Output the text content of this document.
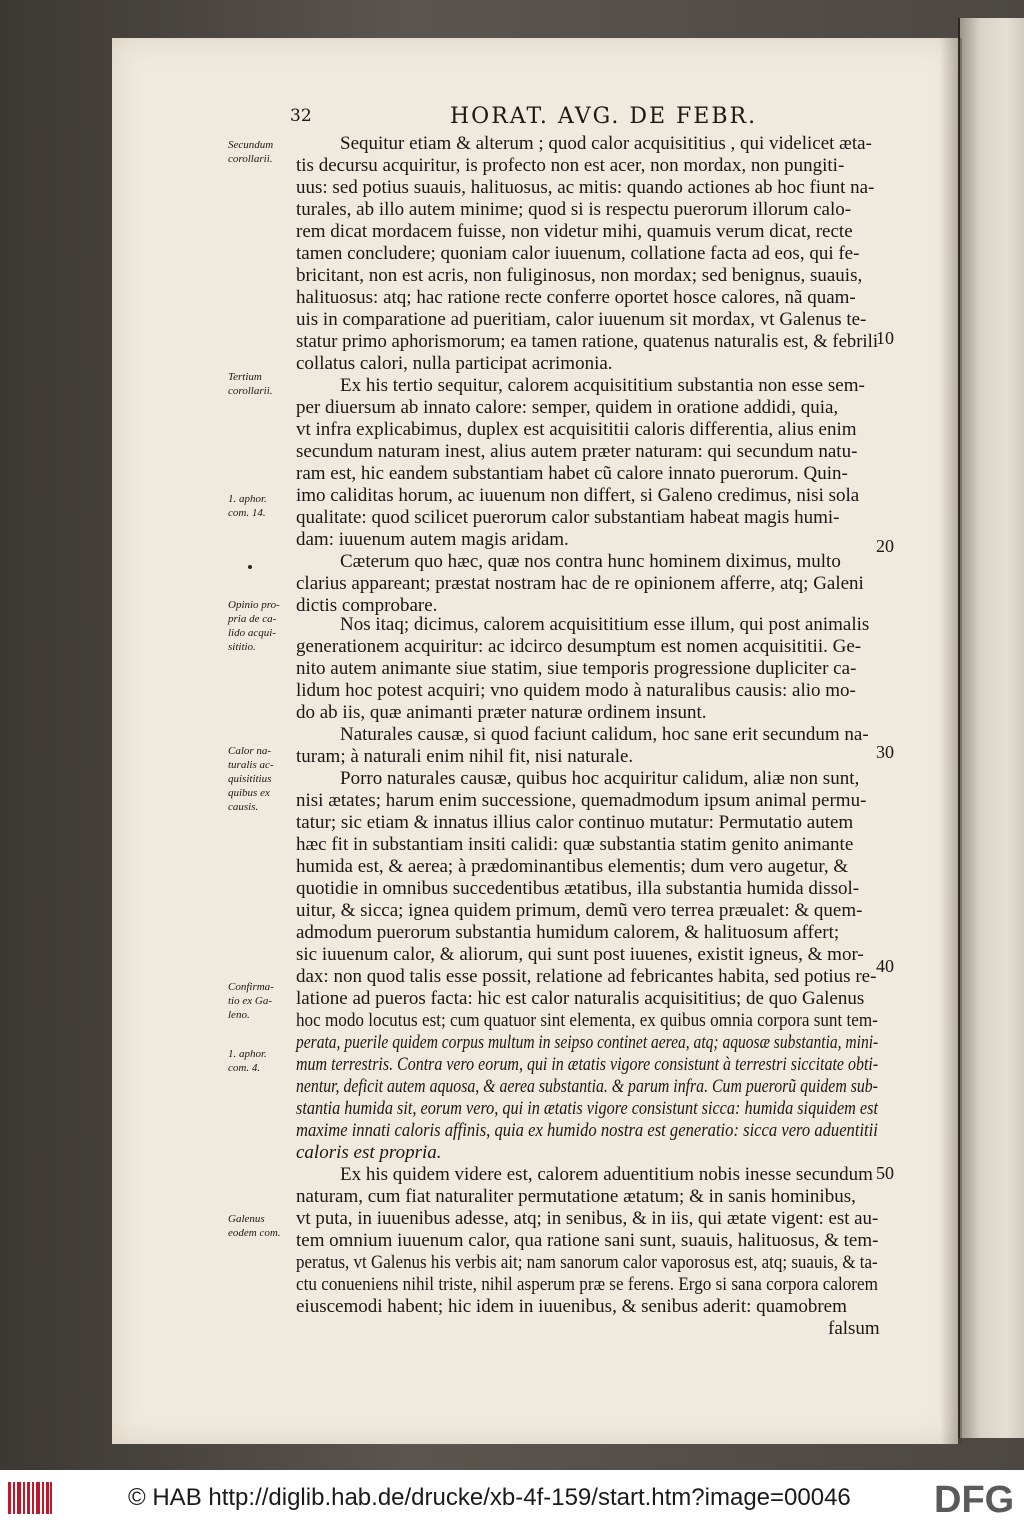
32	HORAT. AVG. DE FEBR.
Sequitur etiam & alterum ; quod calor acquisititius , qui videlicet æta-
tis decursu acquiritur, is profecto non est acer, non mordax, non pungiti-
uus: sed potius suauis, halituosus, ac mitis: quando actiones ab hoc fiunt na-
turales, ab illo autem minime; quod si is respectu puerorum illorum calo-
rem dicat mordacem fuisse, non videtur mihi, quamuis verum dicat, recte
tamen concludere; quoniam calor iuuenum, collatione facta ad eos, qui fe-
bricitant, non est acris, non fuliginosus, non mordax; sed benignus, suauis,
halituosus: atq; hac ratione recte conferre oportet hosce calores, nã quam-
uis in comparatione ad pueritiam, calor iuuenum sit mordax, vt Galenus te-
statur primo aphorismorum; ea tamen ratione, quatenus naturalis est, & febrili
collatus calori, nulla participat acrimonia.
Ex his tertio sequitur, calorem acquisititium substantia non esse sem-
per diuersum ab innato calore: semper, quidem in oratione addidi, quia,
vt infra explicabimus, duplex est acquisititii caloris differentia, alius enim
secundum naturam inest, alius autem præter naturam: qui secundum natu-
ram est, hic eandem substantiam habet cũ calore innato puerorum. Quin-
imo caliditas horum, ac iuuenum non differt, si Galeno credimus, nisi sola
qualitate: quod scilicet puerorum calor substantiam habeat magis humi-
dam: iuuenum autem magis aridam.
Cæterum quo hæc, quæ nos contra hunc hominem diximus, multo
clarius appareant; præstat nostram hac de re opinionem afferre, atq; Galeni
dictis comprobare.
Nos itaq; dicimus, calorem acquisititium esse illum, qui post animalis
generationem acquiritur: ac idcirco desumptum est nomen acquisititii. Ge-
nito autem animante siue statim, siue temporis progressione dupliciter ca-
lidum hoc potest acquiri; vno quidem modo à naturalibus causis: alio mo-
do ab iis, quæ animanti præter naturæ ordinem insunt.
Naturales causæ, si quod faciunt calidum, hoc sane erit secundum na-
turam; à naturali enim nihil fit, nisi naturale.
Porro naturales causæ, quibus hoc acquiritur calidum, aliæ non sunt,
nisi ætates; harum enim successione, quemadmodum ipsum animal permu-
tatur; sic etiam & innatus illius calor continuo mutatur: Permutatio autem
hæc fit in substantiam insiti calidi: quæ substantia statim genito animante
humida est, & aerea; à prædominantibus elementis; dum vero augetur, &
quotidie in omnibus succedentibus ætatibus, illa substantia humida dissol-
uitur, & sicca; ignea quidem primum, demũ vero terrea præualet: & quem-
admodum puerorum substantia humidum calorem, & halituosum affert;
sic iuuenum calor, & aliorum, qui sunt post iuuenes, existit igneus, & mor-
dax: non quod talis esse possit, relatione ad febricantes habita, sed potius re-
latione ad pueros facta: hic est calor naturalis acquisititius; de quo Galenus
hoc modo locutus est; cum quatuor sint elementa, ex quibus omnia corpora sunt tem-
perata, puerile quidem corpus multum in seipso continet aerea, atq; aquosæ substantia, mini-
mum terrestris. Contra vero eorum, qui in ætatis vigore consistunt à terrestri siccitate obti-
nentur, deficit autem aquosa, & aerea substantia. & parum infra. Cum puerorũ quidem sub-
stantia humida sit, eorum vero, qui in ætatis vigore consistunt sicca: humida siquidem est
maxime innati caloris affinis, quia ex humido nostra est generatio: sicca vero aduentitii
caloris est propria.
Ex his quidem videre est, calorem aduentitium nobis inesse secundum
naturam, cum fiat naturaliter permutatione ætatum; & in sanis hominibus,
vt puta, in iuuenibus adesse, atq; in senibus, & in iis, qui ætate vigent: est au-
tem omnium iuuenum calor, qua ratione sani sunt, suauis, halituosus, & tem-
peratus, vt Galenus his verbis ait; nam sanorum calor vaporosus est, atq; suauis, & ta-
ctu conueniens nihil triste, nihil asperum præ se ferens. Ergo si sana corpora calorem
eiuscemodi habent; hic idem in iuuenibus, & senibus aderit: quamobrem
falsum
10
20
30
40
50
Secundum
corollarii.
Tertium
corollarii.
1. aphor.
com. 14.
Opinio pro-
pria de ca-
lido acqui-
sititio.
Calor na-
turalis ac-
quisititius
quibus ex
causis.
Confirma-
tio ex Ga-
leno.
1. aphor.
com. 4.
Galenus
eodem com.
© HAB http://diglib.hab.de/drucke/xb-4f-159/start.htm?image=00046 DFG
